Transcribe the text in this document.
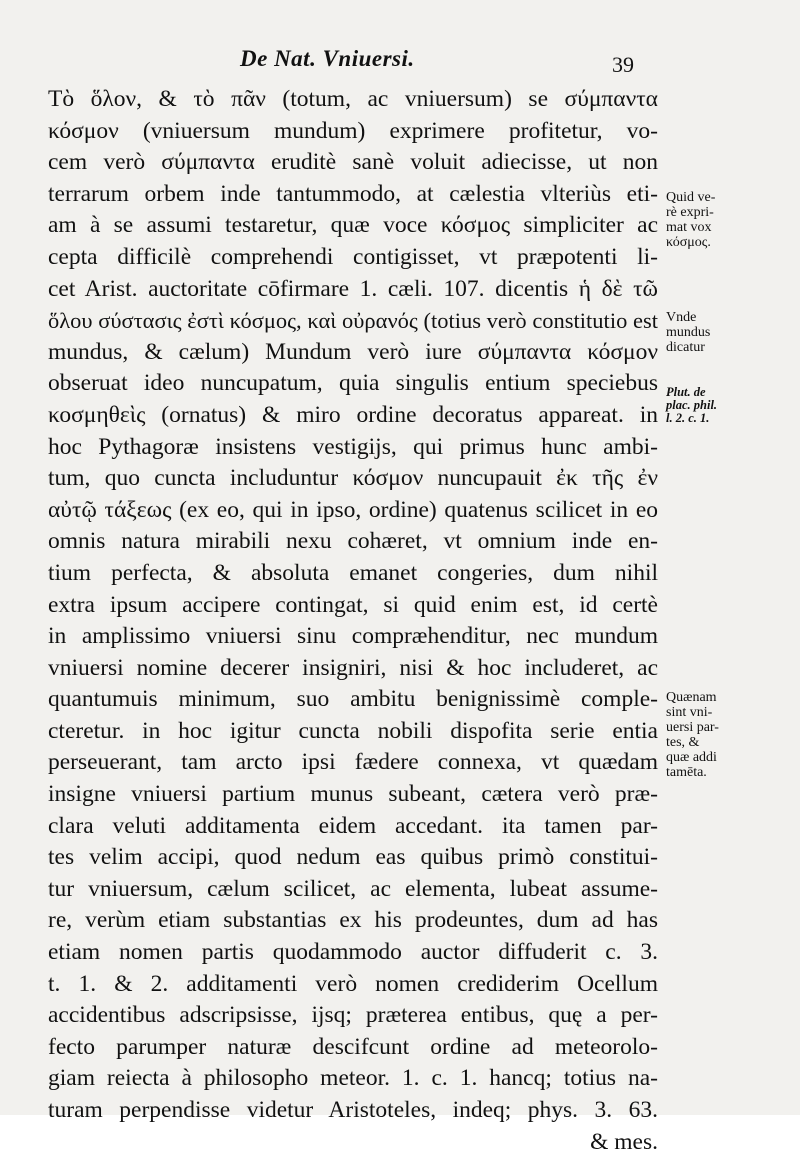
De Nat. Vniuersi.	39
Τὸ ὅλον, & τὸ πᾶν (totum, ac vniuersum) se σύμπαντα
κόσμον (vniuersum mundum) exprimere profitetur, vo-
cem verò σύμπαντα eruditè sanè voluit adiecisse, ut non
terrarum orbem inde tantummodo, at cælestia vlteriùs eti-
am à se assumi testaretur, quæ voce κόσμος simpliciter ac
cepta difficilè comprehendi contigisset, vt præpotenti li-
cet Arist. auctoritate cōfirmare 1. cæli. 107. dicentis ἡ δὲ τῶ
ὅλου σύστασις ἐστὶ κόσμος, καὶ οὐρανός (totius verò constitutio est
mundus, & cælum) Mundum verò iure σύμπαντα κόσμον
obseruat ideo nuncupatum, quia singulis entium speciebus
κοσμηθεὶς (ornatus) & miro ordine decoratus appareat. in
hoc Pythagoræ insistens vestigijs, qui primus hunc ambi-
tum, quo cuncta includuntur κόσμον nuncupauit ἐκ τῆς ἐν
αὐτῷ τάξεως (ex eo, qui in ipso, ordine) quatenus scilicet in eo
omnis natura mirabili nexu cohæret, vt omnium inde en-
tium perfecta, & absoluta emanet congeries, dum nihil
extra ipsum accipere contingat, si quid enim est, id certè
in amplissimo vniuersi sinu compræhenditur, nec mundum
vniuersi nomine decerer insigniri, nisi & hoc includeret, ac
quantumuis minimum, suo ambitu benignissimè comple-
cteretur. in hoc igitur cuncta nobili dispofita serie entia
perseuerant, tam arcto ipsi fædere connexa, vt quædam
insigne vniuersi partium munus subeant, cætera verò præ-
clara veluti additamenta eidem accedant. ita tamen par-
tes velim accipi, quod nedum eas quibus primò constitui-
tur vniuersum, cælum scilicet, ac elementa, lubeat assume-
re, verùm etiam substantias ex his prodeuntes, dum ad has
etiam nomen partis quodammodo auctor diffuderit c. 3.
t. 1. & 2. additamenti verò nomen crediderim Ocellum
accidentibus adscripsisse, ijsq; præterea entibus, quę a per-
fecto parumper naturæ descifcunt ordine ad meteorolo-
giam reiecta à philosopho meteor. 1. c. 1. hancq; totius na-
turam perpendisse videtur Aristoteles, indeq; phys. 3. 63.
& mes.
Quid ve-
rè expri-
mat vox
κόσμος.
Vnde
mundus
dicatur
Plut. de
plac. phil.
l. 2. c. 1.
Quænam
sint vni-
uersi par-
tes, &
quæ addi
tamēta.
